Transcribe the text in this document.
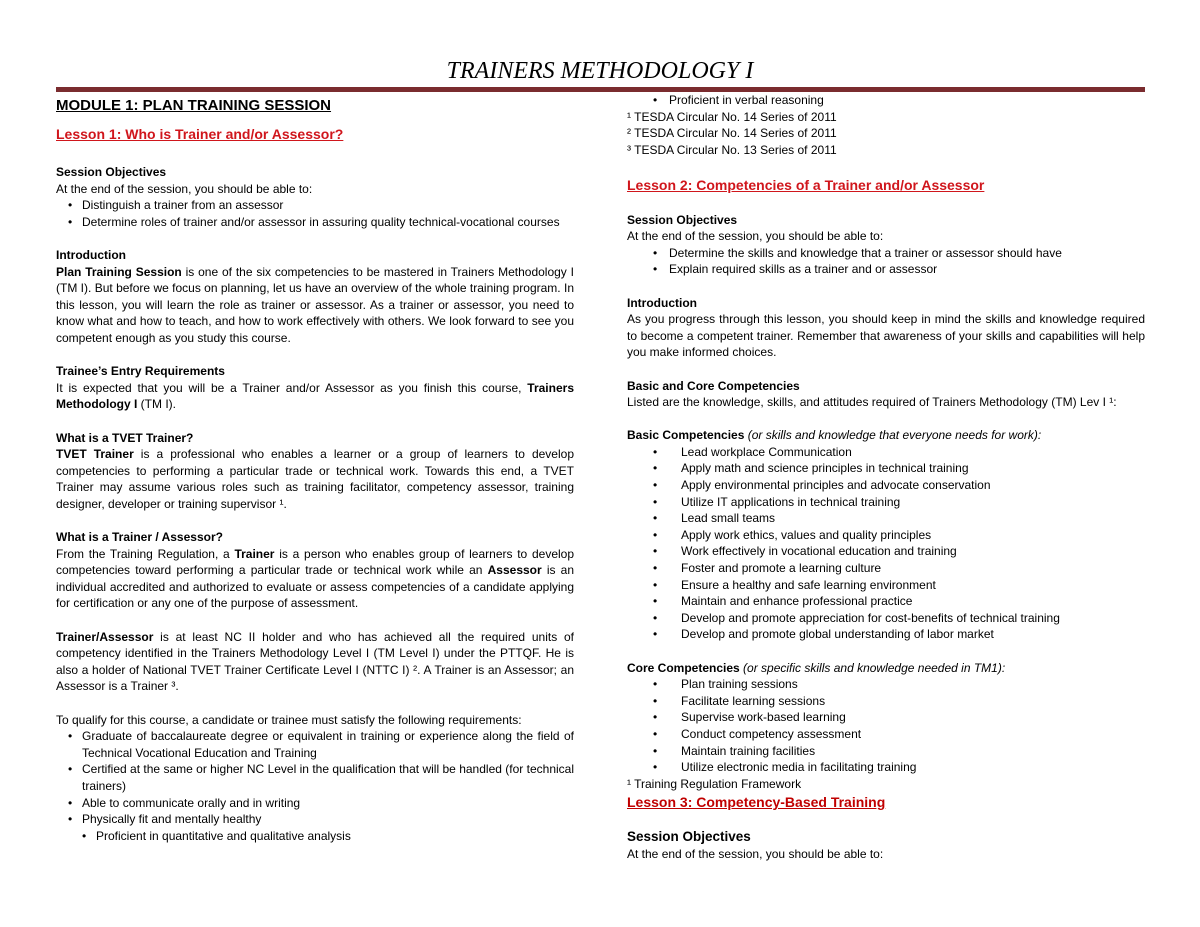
TRAINERS METHODOLOGY I

MODULE 1: PLAN TRAINING SESSION

Lesson 1: Who is Trainer and/or Assessor?

Session Objectives

At the end of the session, you should be able to:

• Distinguish a trainer from an assessor
• Determine roles of trainer and/or assessor in assuring quality technical-vocational courses

Introduction

Plan Training Session is one of the six competencies to be mastered in Trainers Methodology I (TM I). But before we focus on planning, let us have an overview of the whole training program. In this lesson, you will learn the role as trainer or assessor. As a trainer or assessor, you need to know what and how to teach, and how to work effectively with others. We look forward to see you competent enough as you study this course.

Trainee’s Entry Requirements

It is expected that you will be a Trainer and/or Assessor as you finish this course, Trainers Methodology I (TM I).

What is a TVET Trainer?

TVET Trainer is a professional who enables a learner or a group of learners to develop competencies to performing a particular trade or technical work. Towards this end, a TVET Trainer may assume various roles such as training facilitator, competency assessor, training designer, developer or training supervisor ¹.

What is a Trainer / Assessor?

From the Training Regulation, a Trainer is a person who enables group of learners to develop competencies toward performing a particular trade or technical work while an Assessor is an individual accredited and authorized to evaluate or assess competencies of a candidate applying for certification or any one of the purpose of assessment.

Trainer/Assessor is at least NC II holder and who has achieved all the required units of competency identified in the Trainers Methodology Level I (TM Level I) under the PTTQF. He is also a holder of National TVET Trainer Certificate Level I (NTTC I) ². A Trainer is an Assessor; an Assessor is a Trainer ³.

To qualify for this course, a candidate or trainee must satisfy the following requirements:

• Graduate of baccalaureate degree or equivalent in training or experience along the field of Technical Vocational Education and Training
• Certified at the same or higher NC Level in the qualification that will be handled (for technical trainers)
• Able to communicate orally and in writing
• Physically fit and mentally healthy
• Proficient in quantitative and qualitative analysis
• Proficient in verbal reasoning

¹ TESDA Circular No. 14 Series of 2011

² TESDA Circular No. 14 Series of 2011

³ TESDA Circular No. 13 Series of 2011

Lesson 2: Competencies of a Trainer and/or Assessor

Session Objectives

At the end of the session, you should be able to:

• Determine the skills and knowledge that a trainer or assessor should have
• Explain required skills as a trainer and or assessor

Introduction

As you progress through this lesson, you should keep in mind the skills and knowledge required to become a competent trainer. Remember that awareness of your skills and capabilities will help you make informed choices.

Basic and Core Competencies

Listed are the knowledge, skills, and attitudes required of Trainers Methodology (TM) Lev I ¹:

Basic Competencies (or skills and knowledge that everyone needs for work):

• Lead workplace Communication
• Apply math and science principles in technical training
• Apply environmental principles and advocate conservation
• Utilize IT applications in technical training
• Lead small teams
• Apply work ethics, values and quality principles
• Work effectively in vocational education and training
• Foster and promote a learning culture
• Ensure a healthy and safe learning environment
• Maintain and enhance professional practice
• Develop and promote appreciation for cost-benefits of technical training
• Develop and promote global understanding of labor market

Core Competencies (or specific skills and knowledge needed in TM1):

• Plan training sessions
• Facilitate learning sessions
• Supervise work-based learning
• Conduct competency assessment
• Maintain training facilities
• Utilize electronic media in facilitating training

¹ Training Regulation Framework

Lesson 3: Competency-Based Training

Session Objectives

At the end of the session, you should be able to:
